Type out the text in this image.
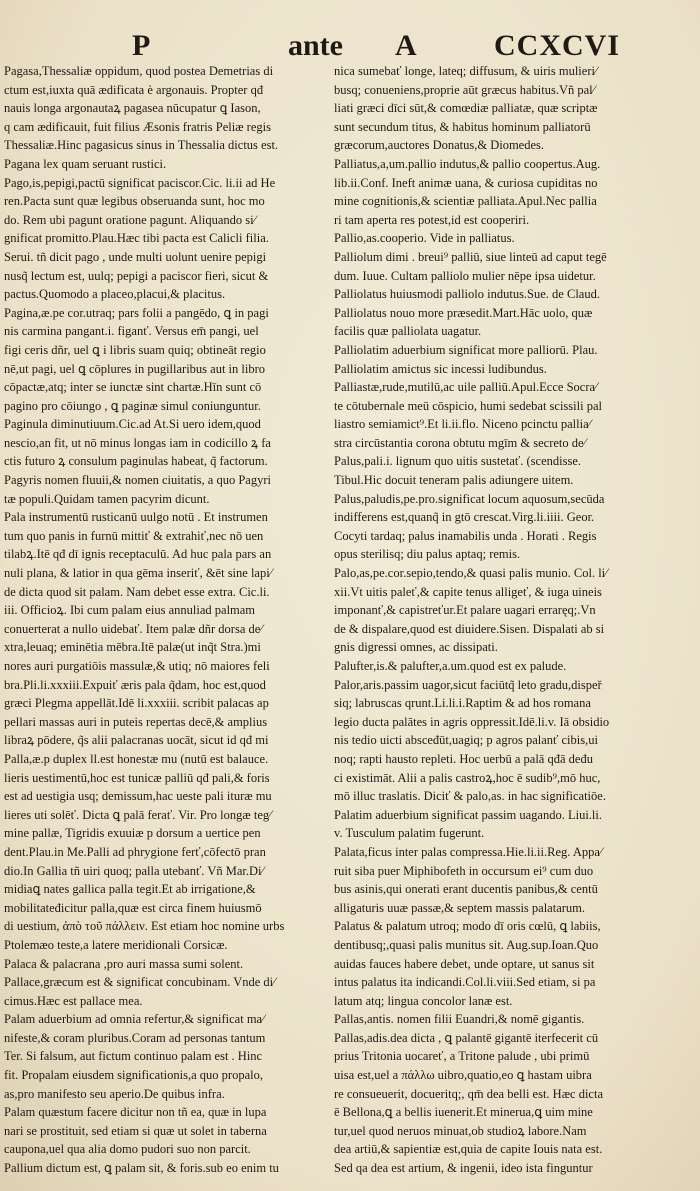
P	ante A	CCXCVI
Pagasa,Thessaliæ oppidum, quod postea Demetrias di
ctum est,iuxta quā ædificata è argonauis. Propter qđ
nauis longa argonautaꝝ pagasea nūcupatur ꝗ Iason,
q cam ædificauit, fuit filius Æsonis fratris Peliæ regis
Thessaliæ.Hinc pagasicus sinus in Thessalia dictus est.
Pagana lex quam seruant rustici.
Pago,is,pepigi,pactū significat paciscor.Cic. li.ii ad He
ren.Pacta sunt quæ legibus obseruanda sunt, hoc mo
do. Rem ubi pagunt oratione pagunt. Aliquando si⁄
gnificat promitto.Plau.Hæc tibi pacta est Calicli filia.
Serui. tñ dicit pago , unde multi uolunt uenire pepigi
nusq̃ lectum est, uulq; pepigi a paciscor fieri, sicut &
pactus.Quomodo a placeo,placui,& placitus.
Pagina,æ.pe cor.utraq; pars folii a pangēdo, ꝗ in pagi
nis carmina pangant.i. figanť. Versus em̄ pangi, uel
figi ceris dñr, uel ꝗ i libris suam quiq; obtineāt regio
nē,ut pagi, uel ꝗ cōplures in pugillaribus aut in libro
cōpactæ,atq; inter se iunctæ sint chartæ.Hīn sunt cō
pagino pro cōiungo , ꝗ paginæ simul coniunguntur.
Paginula diminutiuum.Cic.ad At.Si uero idem,quod
nescio,an fit, ut nō minus longas iam in codicillo ꝝ fa
ctis futuro ꝝ consulum paginulas habeat, q̃ factorum.
Pagyris nomen fluuii,& nomen ciuitatis, a quo Pagyri
tæ populi.Quidam tamen pacyrim dicunt.
Pala instrumentū rusticanū uulgo notū . Et instrumen
tum quo panis in furnū mittiť & extrahiť,nec nō uen
tilabꝝ.Itē qđ dī ignis receptaculū. Ad huc pala pars an
nuli plana, & latior in qua gēma inseriť, &ēt sine lapi⁄
de dicta quod sit palam. Nam debet esse extra. Cic.li.
iii. Officioꝝ. Ibi cum palam eius annuliad palmam
conuerterat a nullo uidebať. Item palæ dñr dorsa de⁄
xtra,leuaq; eminētia mēbra.Itē palæ(ut inq̃t Stra.)mi
nores auri purgatiōis massulæ,& utiq; nō maiores feli
bra.Pli.li.xxxiii.Expuiť æris pala q̃dam, hoc est,quod
græci Plegma appellāt.Idē li.xxxiii. scribit palacas ap
pellari massas auri in puteis repertas decē,& amplius
libraꝝ pōdere, q̃s alii palacranas uocāt, sicut id qđ mi
Palla,æ.p duplex ll.est honestæ mu (nutū est balauce.
lieris uestimentū,hoc est tunicæ palliū qđ pali,& foris
est ad uestigia usq; demissum,hac ueste pali ituræ mu
lieres uti solēť. Dicta ꝗ palā ferať. Vir. Pro longæ teg⁄
mine pallæ, Tigridis exuuiæ p dorsum a uertice pen
dent.Plau.in Me.Palli ad phrygione ferť,cōfectō pran
dio.In Gallia tñ uiri quoq; palla utebanť. Vñ Mar.Di⁄
midiaꝗ nates gallica palla tegit.Et ab irrigatione,&
mobilitateđicitur palla,quæ est circa finem huiusmō
di uestium, ἀπὸ τοῦ πάλλειν. Est etiam hoc nomine urbs
Ptolemæo teste,a latere meridionali Corsicæ.
Palaca & palacrana ,pro auri massa sumi solent.
Pallace,græcum est & significat concubinam. Vnde di⁄
cimus.Hæc est pallace mea.
Palam aduerbium ad omnia refertur,& significat ma⁄
nifeste,& coram pluribus.Coram ad personas tantum
Ter. Si falsum, aut fictum continuo palam est . Hinc
fit. Propalam eiusdem significationis,a quo propalo,
as,pro manifesto seu aperio.De quibus infra.
Palam quæstum facere dicitur non tñ ea, quæ in lupa
nari se prostituit, sed etiam si quæ ut solet in taberna
caupona,uel qua alia domo pudori suo non parcit.
Pallium dictum est, ꝗ palam sit, & foris.sub eo enim tu
nica sumebať longe, lateq; diffusum, & uiris mulieri⁄
busq; conueniens,proprie aūt græcus habitus.Vñ pal⁄
liati græci dīci sūt,& comœdiæ palliatæ, quæ scriptæ
sunt secundum titus, & habitus hominum palliatorū
græcorum,auctores Donatus,& Diomedes.
Palliatus,a,um.pallio indutus,& pallio coopertus.Aug.
lib.ii.Conf. Ineft animæ uana, & curiosa cupiditas no
mine cognitionis,& scientiæ palliata.Apul.Nec pallia
ri tam aperta res potest,id est cooperiri.
Pallio,as.cooperio. Vide in palliatus.
Palliolum dimi . breui⁹ palliū, siue linteū ad caput tegē
dum. Iuue. Cultam palliolo mulier nēpe ipsa uidetur.
Palliolatus huiusmodi palliolo indutus.Sue. de Claud.
Palliolatus nouo more præsedit.Mart.Hāc uolo, quæ
facilis quæ palliolata uagatur.
Palliolatim aduerbium significat more palliorū. Plau.
Palliolatim amictus sic incessi ludibundus.
Palliastæ,rude,mutilū,ac uile palliū.Apul.Ecce Socra⁄
te cōtubernale meū cōspicio, humi sedebat scissili pal
liastro semiamict⁹.Et li.ii.flo. Niceno pcinctu pallia⁄
stra circūstantia corona obtutu mgīm & secreto de⁄
Palus,pali.i. lignum quo uitis sustetať. (scendisse.
Tibul.Hic docuit teneram palis adiungere uitem.
Palus,paludis,pe.pro.significat locum aquosum,secūda
indifferens est,quanq̃ in gtō crescat.Virg.li.iiii. Geor.
Cocyti tardaq; palus inamabilis unda . Horati . Regis
opus sterilisq; diu palus aptaq; remis.
Palo,as,pe.cor.sepio,tendo,& quasi palis munio. Col. li⁄
xii.Vt uitis paleť,& capite tenus alligeť, & iuga uineis
imponanť,& capistreťur.Et palare uagari erraręq;.Vn
de & dispalare,quod est diuidere.Sisen. Dispalati ab si
gnis digressi omnes, ac dissipati.
Palufter,is.& palufter,a.um.quod est ex palude.
Palor,aris.passim uagor,sicut faciūtq̃ leto gradu,dispeř
siq; labruscas qrunt.Li.li.i.Raptim & ad hos romana
legio ducta palātes in agris oppressit.Idē.li.v. Iā obsidio
nis tedio uicti absceđūt,uagiq; p agros palanť cibis,ui
noq; rapti hausto repleti. Hoc uerbū a palā qđā deđu
ci existimāt. Alii a palis castroꝝ,hoc ē sudib⁹,mō huc,
mō illuc traslatis. Diciť & palo,as. in hac significatiōe.
Palatim aduerbium significat passim uagando. Liui.li.
v. Tusculum palatim fugerunt.
Palata,ficus inter palas compressa.Hie.li.ii.Reg. Appa⁄
ruit siba puer Miphibofeth in occursum ei⁹ cum duo
bus asinis,qui onerati erant ducentis panibus,& centū
alligaturis uuæ passæ,& septem massis palatarum.
Palatus & palatum utroq; modo dī oris cœlū, ꝗ labiis,
dentibusq;,quasi palis munitus sit. Aug.sup.Ioan.Quo
auidas fauces habere debet, unde optare, ut sanus sit
intus palatus ita indicandi.Col.li.viii.Sed etiam, si pa
latum atq; lingua concolor lanæ est.
Pallas,antis. nomen filii Euandri,& nomē gigantis.
Pallas,adis.dea dicta , ꝗ palantē gigantē iterfecerit cū
prius Tritonia uocareť, a Tritone palude , ubi primū
uisa est,uel a πάλλω uibro,quatio,eo ꝗ hastam uibra
re consueuerit, docueritq;, qm̄ dea belli est. Hæc dicta
ē Bellona,ꝗ a bellis iuenerit.Et minerua,ꝗ uim mine
tur,uel quod neruos minuat,ob studioꝝ labore.Nam
dea artiū,& sapientiæ est,quia de capite Iouis nata est.
Sed qa dea est artium, & ingenii, ideo ista finguntur
